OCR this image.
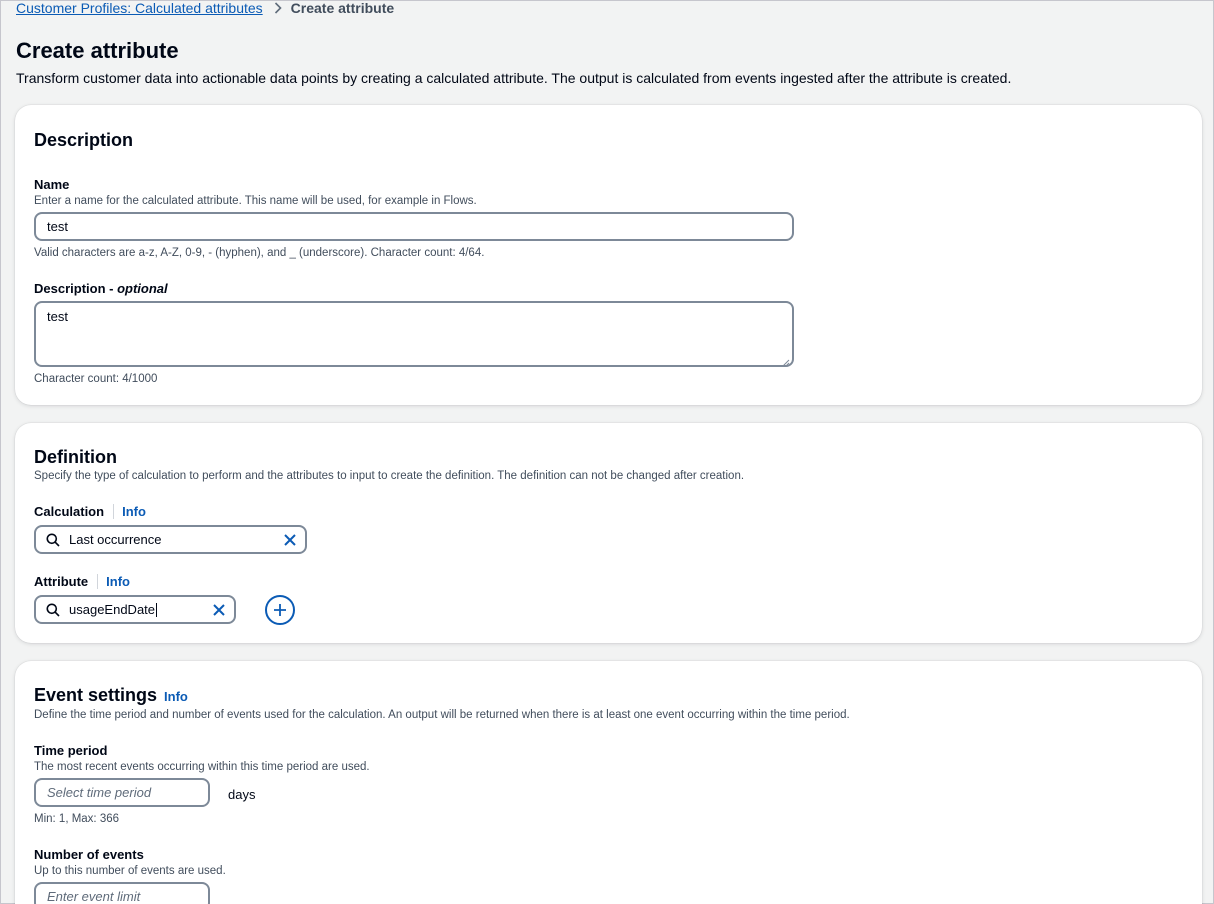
Customer Profiles: Calculated attributes Create attribute
Create attribute

Transform customer data into actionable data points by creating a calculated attribute. The output is calculated from events ingested after the attribute is created.

Description
Name
Enter a name for the calculated attribute. This name will be used, for example in Flows.
test
Valid characters are a-z, A-Z, 0-9, - (hyphen), and _ (underscore). Character count: 4/64.
Description -
optional
test
Character count: 4/1000
Definition
Specify the type of calculation to perform and the attributes to input to create the definition. The definition can not be changed after creation.
Calculation	Info
Last occurrence
Attribute	Info
usageEndDate
Event settings Info
Define the time period and number of events used for the calculation. An output will be returned when there is at least one event occurring within the time period.
Time period
The most recent events occurring within this time period are used.
Select time period	days
Min: 1, Max: 366
Number of events
Up to this number of events are used.
Enter event limit
